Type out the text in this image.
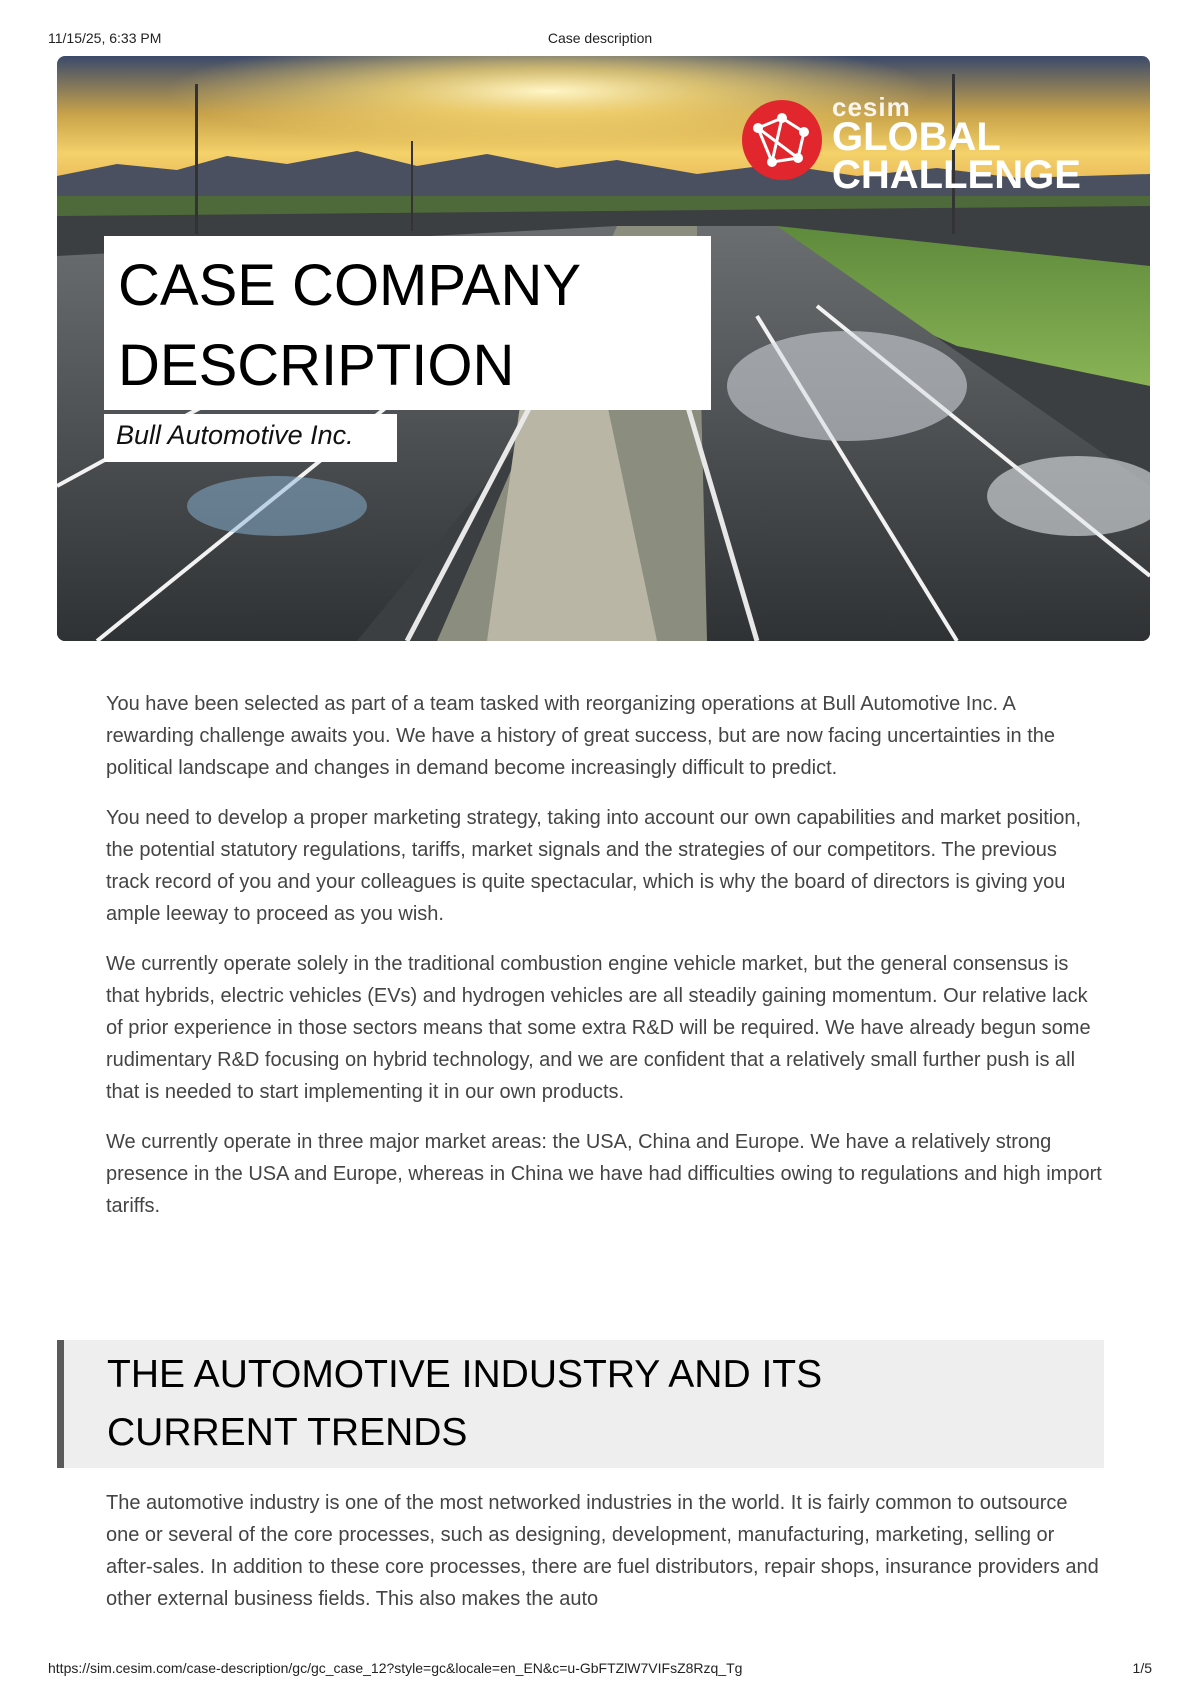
11/15/25, 6:33 PM	Case description
cesim
GLOBAL
CHALLENGE
CASE COMPANY
DESCRIPTION
Bull Automotive Inc.

You have been selected as part of a team tasked with reorganizing operations at Bull Automotive Inc. A rewarding challenge awaits you. We have a history of great success, but are now facing uncertainties in the political landscape and changes in demand become increasingly difficult to predict.

You need to develop a proper marketing strategy, taking into account our own capabilities and market position, the potential statutory regulations, tariffs, market signals and the strategies of our competitors. The previous track record of you and your colleagues is quite spectacular, which is why the board of directors is giving you ample leeway to proceed as you wish.

We currently operate solely in the traditional combustion engine vehicle market, but the general consensus is that hybrids, electric vehicles (EVs) and hydrogen vehicles are all steadily gaining momentum. Our relative lack of prior experience in those sectors means that some extra R&D will be required. We have already begun some rudimentary R&D focusing on hybrid technology, and we are confident that a relatively small further push is all that is needed to start implementing it in our own products.

We currently operate in three major market areas: the USA, China and Europe. We have a relatively strong presence in the USA and Europe, whereas in China we have had difficulties owing to regulations and high import tariffs.

THE AUTOMOTIVE INDUSTRY AND ITS
CURRENT TRENDS

The automotive industry is one of the most networked industries in the world. It is fairly common to outsource one or several of the core processes, such as designing, development, manufacturing, marketing, selling or after-sales. In addition to these core processes, there are fuel distributors, repair shops, insurance providers and other external business fields. This also makes the auto

https://sim.cesim.com/case-description/gc/gc_case_12?style=gc&locale=en_EN&c=u-GbFTZlW7VIFsZ8Rzq_Tg	1/5
